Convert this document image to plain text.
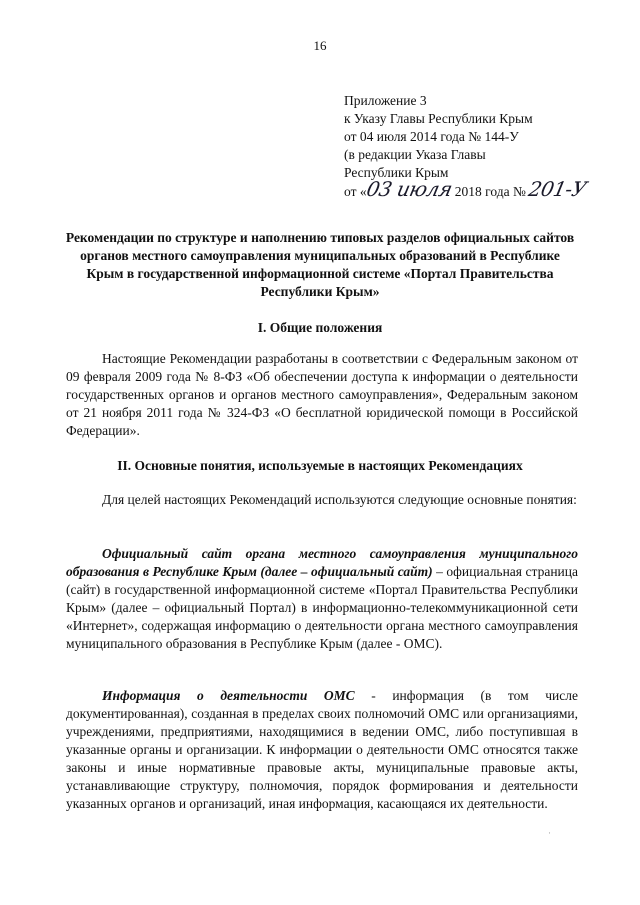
16
Приложение 3
к Указу Главы Республики Крым
от 04 июля 2014 года № 144-У
(в редакции Указа Главы
Республики Крым
от «03 июля 2018 года № 201-У
Рекомендации по структуре и наполнению типовых разделов официальных сайтов органов местного самоуправления муниципальных образований в Республике Крым в государственной информационной системе «Портал Правительства Республики Крым»
I. Общие положения
Настоящие Рекомендации разработаны в соответствии с Федеральным законом от 09 февраля 2009 года № 8-ФЗ «Об обеспечении доступа к информации о деятельности государственных органов и органов местного самоуправления», Федеральным законом от 21 ноября 2011 года № 324-ФЗ «О бесплатной юридической помощи в Российской Федерации».
II. Основные понятия, используемые в настоящих Рекомендациях
Для целей настоящих Рекомендаций используются следующие основные понятия:
Официальный сайт органа местного самоуправления муниципального образования в Республике Крым (далее – официальный сайт) – официальная страница (сайт) в государственной информационной системе «Портал Правительства Республики Крым» (далее – официальный Портал) в информационно-телекоммуникационной сети «Интернет», содержащая информацию о деятельности органа местного самоуправления муниципального образования в Республике Крым (далее - ОМС).
Информация о деятельности ОМС - информация (в том числе документированная), созданная в пределах своих полномочий ОМС или организациями, учреждениями, предприятиями, находящимися в ведении ОМС, либо поступившая в указанные органы и организации. К информации о деятельности ОМС относятся также законы и иные нормативные правовые акты, муниципальные правовые акты, устанавливающие структуру, полномочия, порядок формирования и деятельности указанных органов и организаций, иная информация, касающаяся их деятельности.
·
